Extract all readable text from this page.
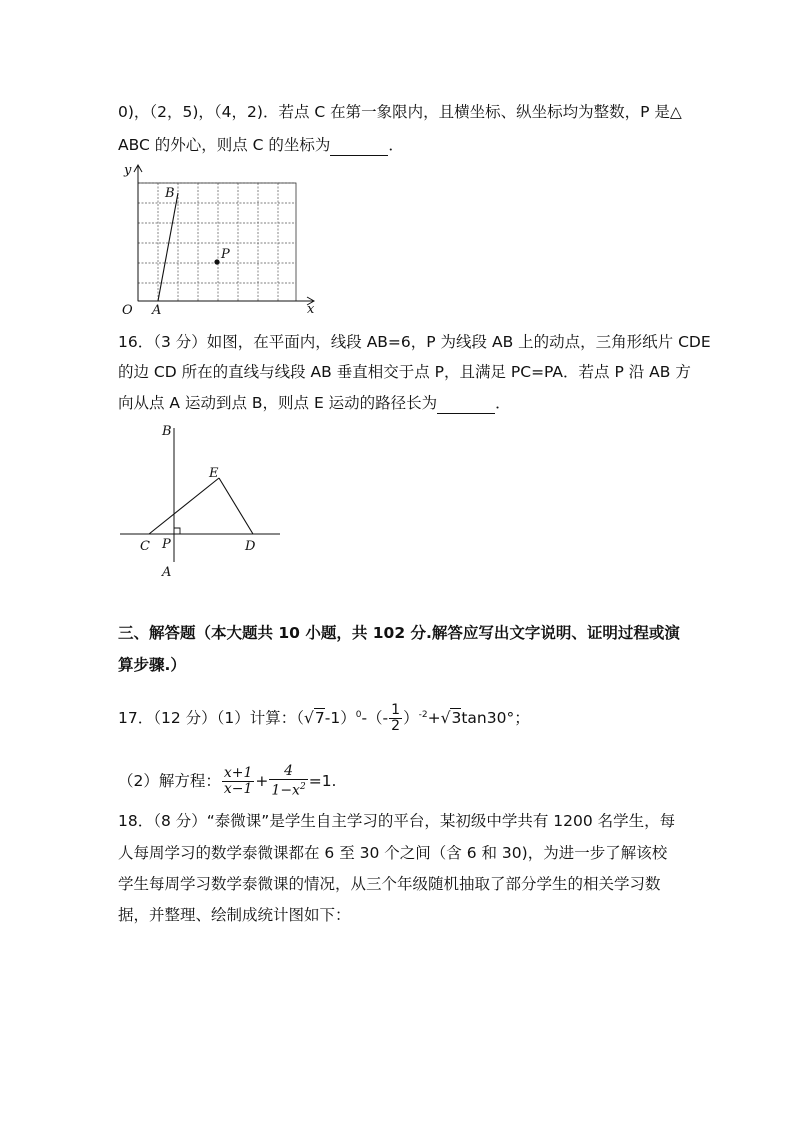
0)，（2，5)，（4，2)．若点 C 在第一象限内，且横坐标、纵坐标均为整数，P 是△
ABC 的外心，则点 C 的坐标为	．
y
x
O A
B
P
16．（3 分）如图，在平面内，线段 AB=6，P 为线段 AB 上的动点，三角形纸片 CDE
的边 CD 所在的直线与线段 AB 垂直相交于点 P，且满足 PC=PA．若点 P 沿 AB 方
向从点 A 运动到点 B，则点 E 运动的路径长为	．
B
E
C P	D
A
三、解答题（本大题共 10 小题，共 102 分.解答应写出文字说明、证明过程或演
算步骤.）
17．（12 分）（1）计算：$(√7-1)^0-(- \frac{1}{2} )^{-2}+√3\tan 30^\circ$；
（2）解方程： $\frac{x+1}{x-1} + \frac{4}{1-x^2} =1$.
18．（8 分）“泰微课”是学生自主学习的平台，某初级中学共有 1200 名学生，每
人每周学习的数学泰微课都在 6 至 30 个之间（含 6 和 30)，为进一步了解该校
学生每周学习数学泰微课的情况，从三个年级随机抽取了部分学生的相关学习数
据，并整理、绘制成统计图如下：
